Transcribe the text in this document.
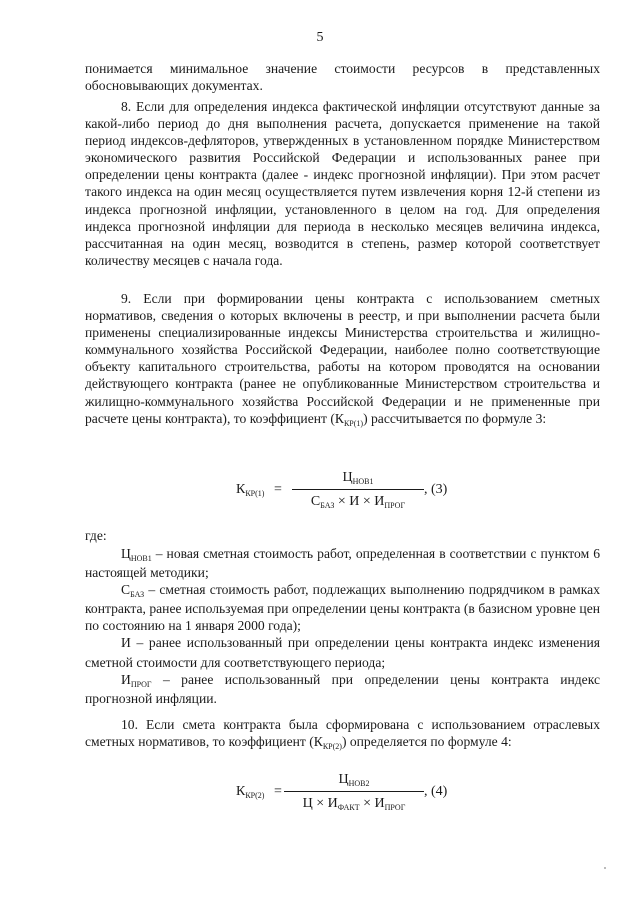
5

понимается минимальное значение стоимости ресурсов в представленных обосновывающих документах.

8. Если для определения индекса фактической инфляции отсутствуют данные за какой-либо период до дня выполнения расчета, допускается применение на такой период индексов-дефляторов, утвержденных в установленном порядке Министерством экономического развития Российской Федерации и использованных ранее при определении цены контракта (далее - индекс прогнозной инфляции). При этом расчет такого индекса на один месяц осуществляется путем извлечения корня 12-й степени из индекса прогнозной инфляции, установленного в целом на год. Для определения индекса прогнозной инфляции для периода в несколько месяцев величина индекса, рассчитанная на один месяц, возводится в степень, размер которой соответствует количеству месяцев с начала года.

9. Если при формировании цены контракта с использованием сметных нормативов, сведения о которых включены в реестр, и при выполнении расчета были применены специализированные индексы Министерства строительства и жилищно-коммунального хозяйства Российской Федерации, наиболее полно соответствующие объекту капитального строительства, работы на котором проводятся на основании действующего контракта (ранее не опубликованные Министерством строительства и жилищно-коммунального хозяйства Российской Федерации и не примененные при расчете цены контракта), то коэффициент $(К_{КР(1)})$ рассчитывается по формуле 3:

$К_{КР(1)}$ =
$Ц_{НОВ1}$
$С_{БАЗ} \times И \times И_{ПРОГ}$
, (3)

где:

$Ц_{НОВ1}$ – новая сметная стоимость работ, определенная в соответствии с пунктом 6 настоящей методики;

$С_{БАЗ}$ – сметная стоимость работ, подлежащих выполнению подрядчиком в рамках контракта, ранее используемая при определении цены контракта (в базисном уровне цен по состоянию на 1 января 2000 года);

И – ранее использованный при определении цены контракта индекс изменения сметной стоимости для соответствующего периода;

$И_{ПРОГ}$ – ранее использованный при определении цены контракта индекс прогнозной инфляции.

10. Если смета контракта была сформирована с использованием отраслевых сметных нормативов, то коэффициент $(К_{КР(2)})$ определяется по формуле 4:

$К_{КР(2)}$ =
$Ц_{НОВ2}$
$Ц \times И_{ФАКТ} \times И_{ПРОГ}$
, (4)
